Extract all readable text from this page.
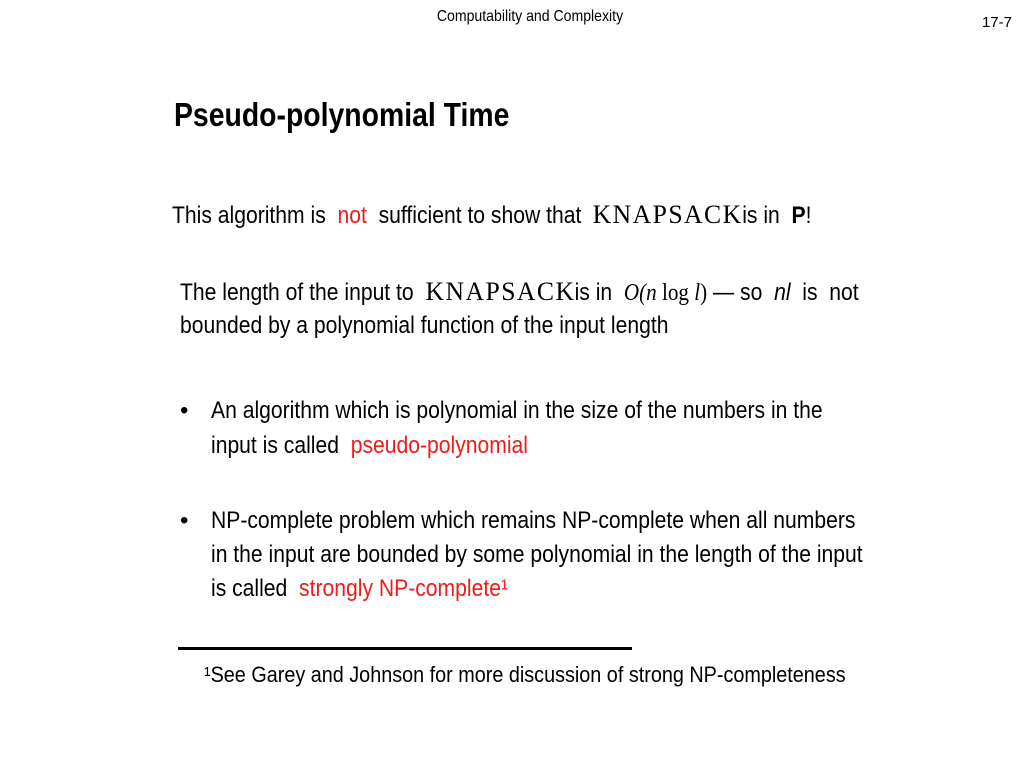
Computability and Complexity	17-7
Pseudo-polynomial Time
This algorithm is not sufficient to show that KNAPSACK  is in P!
The length of the input to KNAPSACK  is in O(n log l) — so nl is  not
bounded by a polynomial function of the input length
• An algorithm which is polynomial in the size of the numbers in the
input is called pseudo-polynomial
• NP-complete problem which remains NP-complete when all numbers
in the input are bounded by some polynomial in the length of the input
is called strongly NP-complete¹
¹See Garey and Johnson for more discussion of strong NP-completeness
